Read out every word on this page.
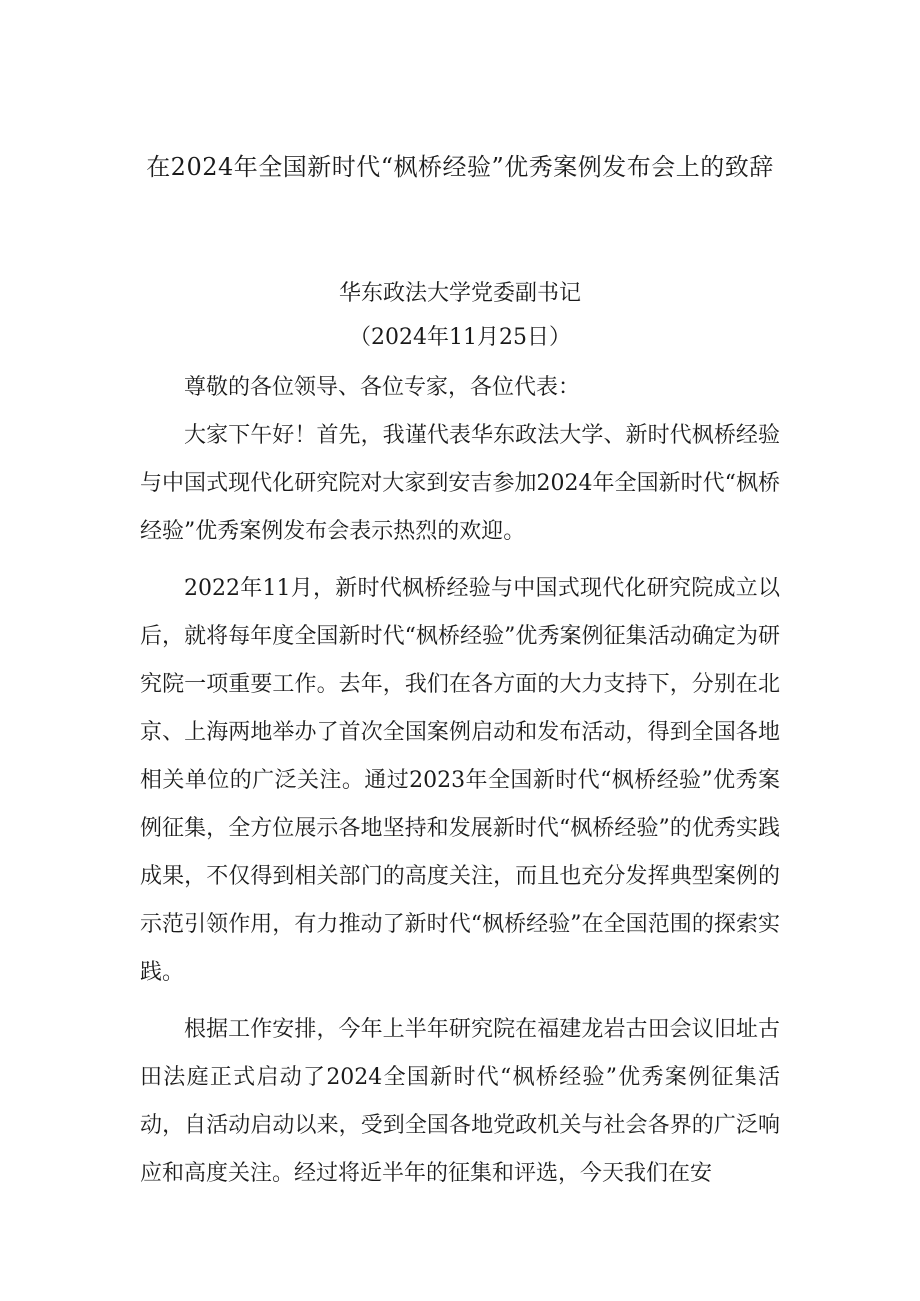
在2024年全国新时代“枫桥经验”优秀案例发布会上的致辞

华东政法大学党委副书记

（2024年11月25日）

尊敬的各位领导、各位专家，各位代表：

大家下午好！首先，我谨代表华东政法大学、新时代枫桥经验与中国式现代化研究院对大家到安吉参加2024年全国新时代“枫桥经验”优秀案例发布会表示热烈的欢迎。

2022年11月，新时代枫桥经验与中国式现代化研究院成立以后，就将每年度全国新时代“枫桥经验”优秀案例征集活动确定为研究院一项重要工作。去年，我们在各方面的大力支持下，分别在北京、上海两地举办了首次全国案例启动和发布活动，得到全国各地相关单位的广泛关注。通过2023年全国新时代“枫桥经验”优秀案例征集，全方位展示各地坚持和发展新时代“枫桥经验”的优秀实践成果，不仅得到相关部门的高度关注，而且也充分发挥典型案例的示范引领作用，有力推动了新时代“枫桥经验”在全国范围的探索实践。

根据工作安排，今年上半年研究院在福建龙岩古田会议旧址古田法庭正式启动了2024全国新时代“枫桥经验”优秀案例征集活动，自活动启动以来，受到全国各地党政机关与社会各界的广泛响应和高度关注。经过将近半年的征集和评选，今天我们在安
